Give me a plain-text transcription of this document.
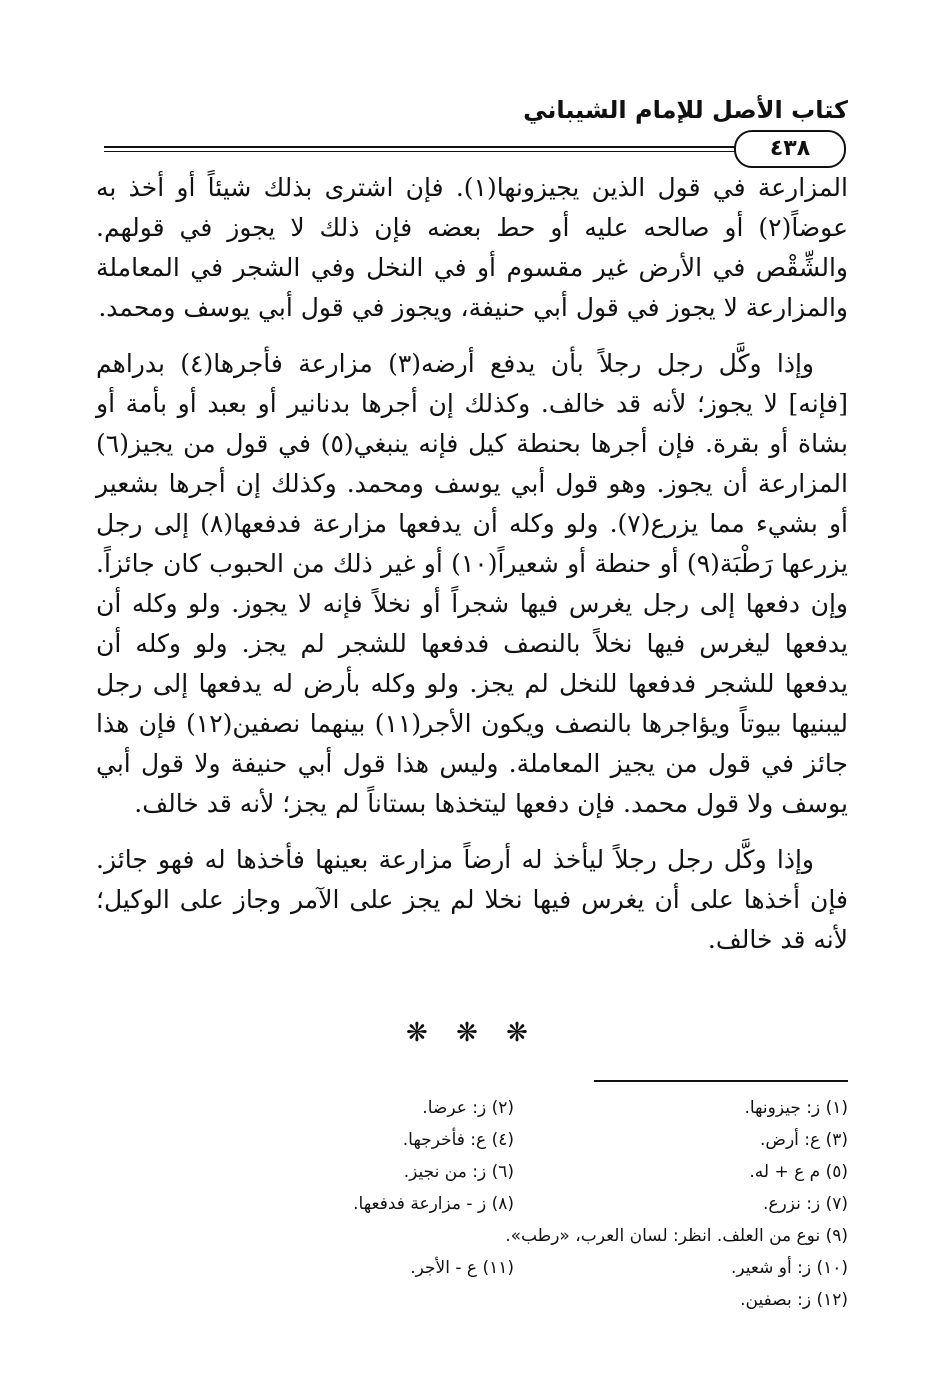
كتاب الأصل للإمام الشيباني
٤٣٨

المزارعة في قول الذين يجيزونها(١). فإن اشترى بذلك شيئاً أو أخذ به عوضاً(٢) أو صالحه عليه أو حط بعضه فإن ذلك لا يجوز في قولهم. والشِّقْص في الأرض غير مقسوم أو في النخل وفي الشجر في المعاملة والمزارعة لا يجوز في قول أبي حنيفة، ويجوز في قول أبي يوسف ومحمد.

وإذا وكَّل رجل رجلاً بأن يدفع أرضه(٣) مزارعة فأجرها(٤) بدراهم [فإنه] لا يجوز؛ لأنه قد خالف. وكذلك إن أجرها بدنانير أو بعبد أو بأمة أو بشاة أو بقرة. فإن أجرها بحنطة كيل فإنه ينبغي(٥) في قول من يجيز(٦) المزارعة أن يجوز. وهو قول أبي يوسف ومحمد. وكذلك إن أجرها بشعير أو بشيء مما يزرع(٧). ولو وكله أن يدفعها مزارعة فدفعها(٨) إلى رجل يزرعها رَطْبَة(٩) أو حنطة أو شعيراً(١٠) أو غير ذلك من الحبوب كان جائزاً. وإن دفعها إلى رجل يغرس فيها شجراً أو نخلاً فإنه لا يجوز. ولو وكله أن يدفعها ليغرس فيها نخلاً بالنصف فدفعها للشجر لم يجز. ولو وكله أن يدفعها للشجر فدفعها للنخل لم يجز. ولو وكله بأرض له يدفعها إلى رجل ليبنيها بيوتاً ويؤاجرها بالنصف ويكون الأجر(١١) بينهما نصفين(١٢) فإن هذا جائز في قول من يجيز المعاملة. وليس هذا قول أبي حنيفة ولا قول أبي يوسف ولا قول محمد. فإن دفعها ليتخذها بستاناً لم يجز؛ لأنه قد خالف.

وإذا وكَّل رجل رجلاً ليأخذ له أرضاً مزارعة بعينها فأخذها له فهو جائز. فإن أخذها على أن يغرس فيها نخلا لم يجز على الآمر وجاز على الوكيل؛ لأنه قد خالف.

❋ ❋ ❋
(١) ز: جيزونها.
(٢) ز: عرضا.
(٣) ع: أرض.
(٤) ع: فأخرجها.
(٥) م ع + له.
(٦) ز: من نجيز.
(٧) ز: نزرع.
(٨) ز - مزارعة فدفعها.
(٩) نوع من العلف. انظر: لسان العرب، «رطب».
(١٠) ز: أو شعير.
(١١) ع - الأجر.
(١٢) ز: بصفين.
